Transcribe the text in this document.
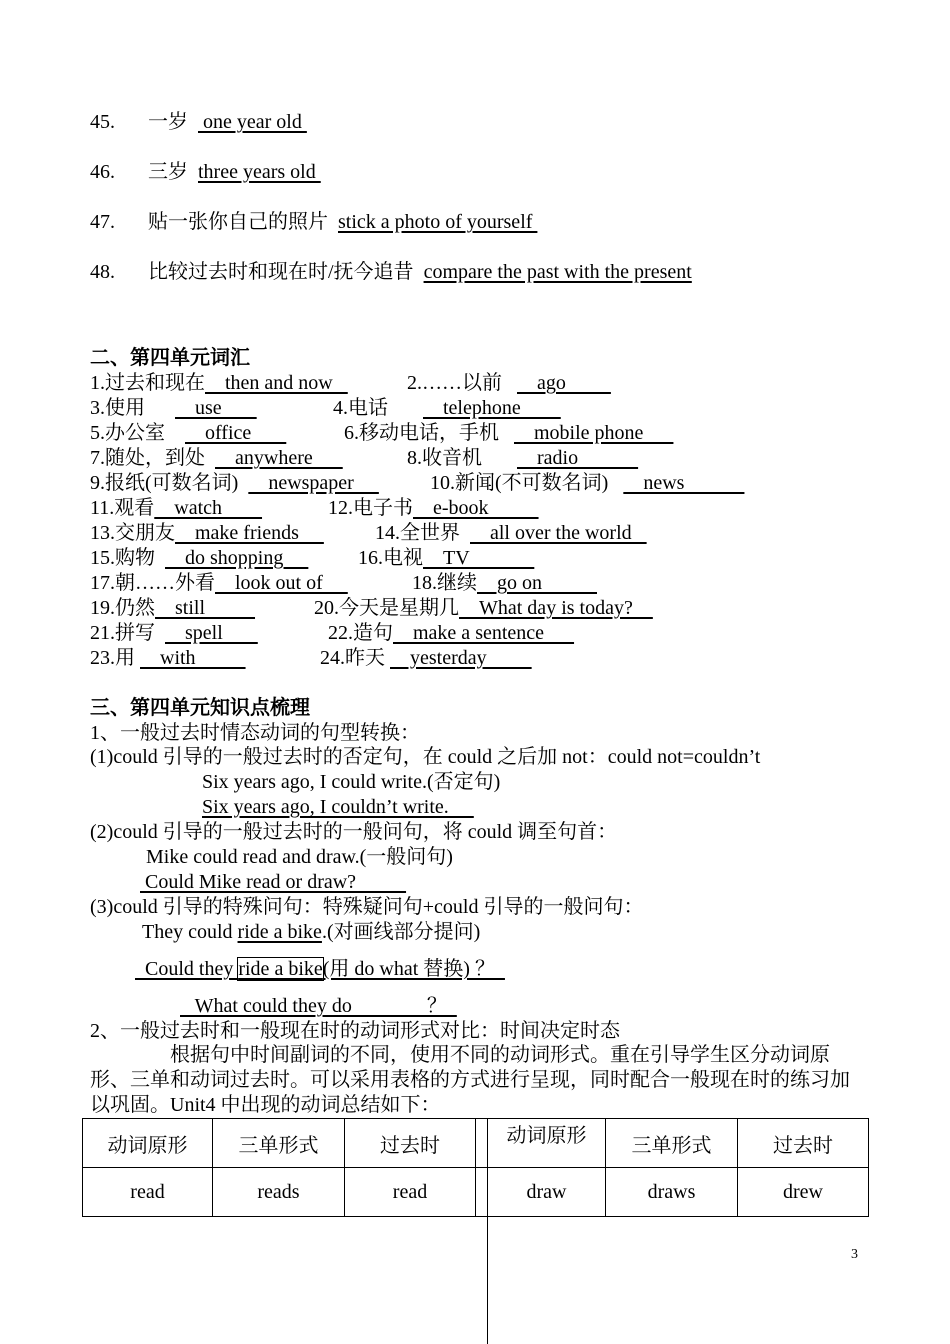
45. 一岁   one year old
46. 三岁 three years old
47. 贴一张你自己的照片 stick a photo of yourself
48. 比较过去时和现在时/抚今追昔 compare the past with the present
二、第四单元词汇
1.过去和现在    then and now	2.……以前       ago
3.使用          use	4.电话           telephone
5.办公室        office	6.移动电话，手机       mobile phone
7.随处，到处      anywhere	8.收音机           radio
9.报纸(可数名词)      newspaper	10.新闻(不可数名词)       news
11.观看    watch	12.电子书    e-book
13.交朋友    make friends	14.全世界      all over the world
15.购物      do shopping 16.电视    TV
17.朝……外看    look out of	18.继续    go on
19.仍然    still	20.今天是星期几    What day is today?
21.拼写      spell	22.造句    make a sentence
23.用     with	24.昨天     yesterday
三、第四单元知识点梳理
1、一般过去时情态动词的句型转换：
(1)could 引导的一般过去时的否定句，在 could 之后加 not：could not=couldn’t
Six years ago, I could write.(否定句)
Six years ago, I couldn’t write.
(2)could 引导的一般过去时的一般问句，将 could 调至句首：
Mike could read and draw.(一般问句)
Could Mike read or draw?
(3)could 引导的特殊问句：特殊疑问句+could 引导的一般问句：
They could ride a bike.(对画线部分提问)
Could they ride a bike(用 do what 替换) ？
What could they do               ？
2、一般过去时和一般现在时的动词形式对比：时间决定时态
根据句中时间副词的不同，使用不同的动词形式。重在引导学生区分动词原形、三单和动词过去时。可以采用表格的方式进行呈现，同时配合一般现在时的练习加以巩固。Unit4 中出现的动词总结如下：
动词原形	三单形式	过去时		动词原形	三单形式	过去时
read	reads	read		draw	draws	drew
3
